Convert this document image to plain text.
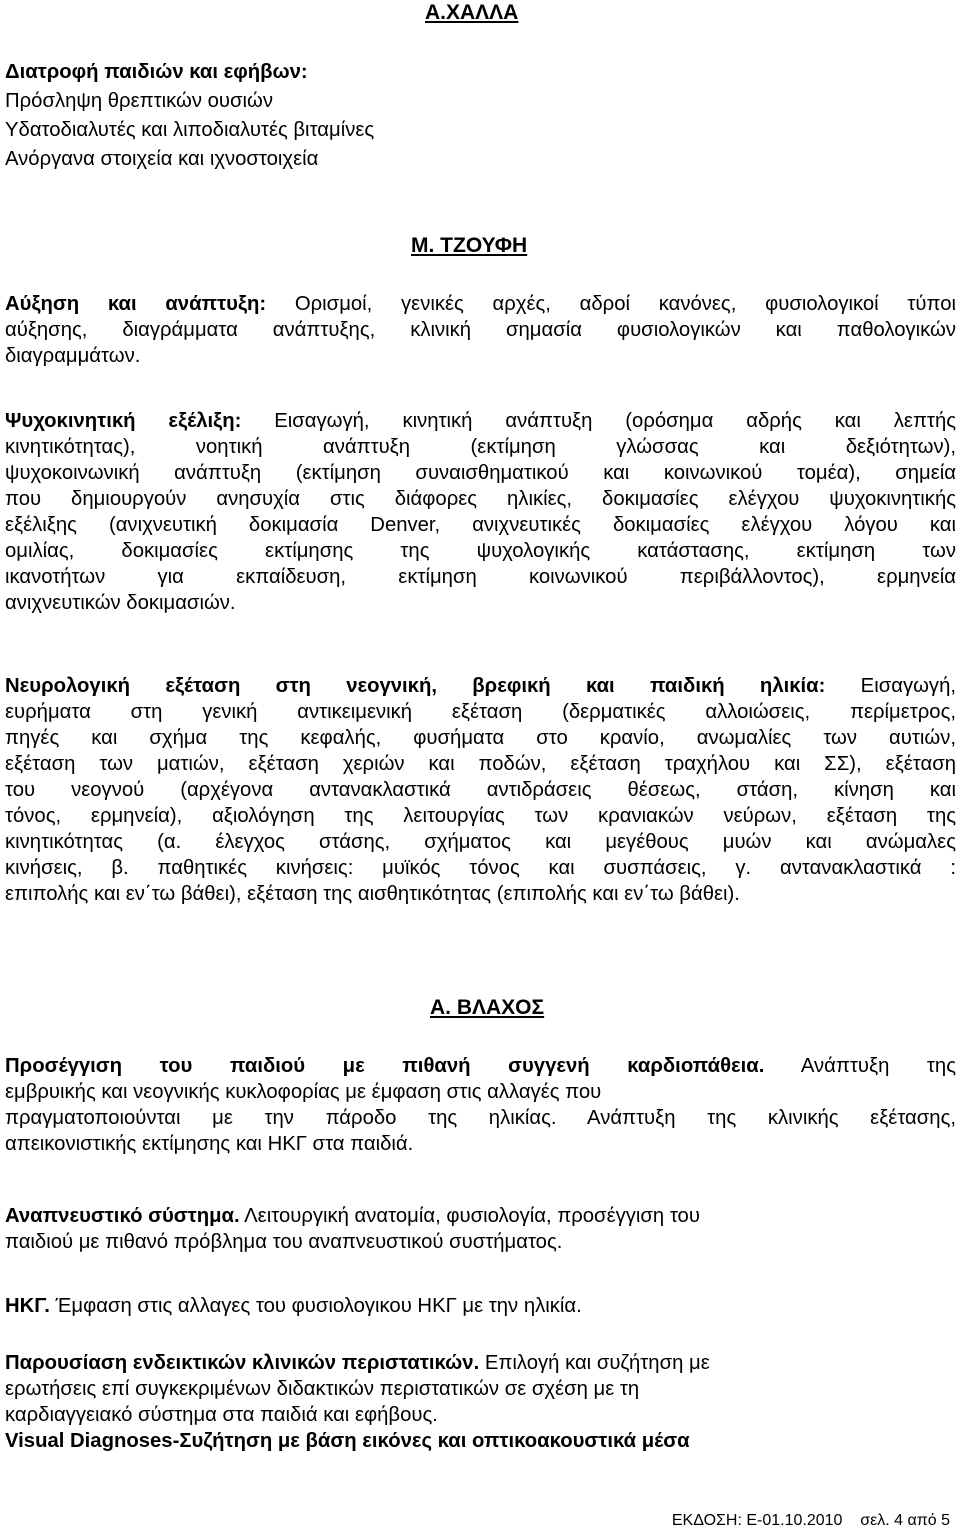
Α.ΧΑΛΛΑ
Διατροφή παιδιών και εφήβων:
Πρόσληψη θρεπτικών ουσιών
Υδατοδιαλυτές και λιποδιαλυτές βιταμίνες
Ανόργανα στοιχεία και ιχνοστοιχεία
Μ. ΤΖΟΥΦΗ
Αύξηση και ανάπτυξη: Ορισμοί, γενικές αρχές, αδροί κανόνες, φυσιολογικοί τύποι
αύξησης, διαγράμματα ανάπτυξης, κλινική σημασία φυσιολογικών και παθολογικών
διαγραμμάτων.
Ψυχοκινητική εξέλιξη: Εισαγωγή, κινητική ανάπτυξη (ορόσημα αδρής και λεπτής
κινητικότητας), νοητική ανάπτυξη (εκτίμηση γλώσσας και δεξιότητων),
ψυχοκοινωνική ανάπτυξη (εκτίμηση συναισθηματικού και κοινωνικού τομέα), σημεία
που δημιουργούν ανησυχία στις διάφορες ηλικίες, δοκιμασίες ελέγχου ψυχοκινητικής
εξέλιξης (ανιχνευτική δοκιμασία Denver, ανιχνευτικές δοκιμασίες ελέγχου λόγου και
ομιλίας, δοκιμασίες εκτίμησης της ψυχολογικής κατάστασης, εκτίμηση των
ικανοτήτων για εκπαίδευση, εκτίμηση κοινωνικού περιβάλλοντος), ερμηνεία
ανιχνευτικών δοκιμασιών.
Νευρολογική εξέταση στη νεογνική, βρεφική και παιδική ηλικία: Εισαγωγή,
ευρήματα στη γενική αντικειμενική εξέταση (δερματικές αλλοιώσεις, περίμετρος,
πηγές και σχήμα της κεφαλής, φυσήματα στο κρανίο, ανωμαλίες των αυτιών,
εξέταση των ματιών, εξέταση χεριών και ποδών, εξέταση τραχήλου και ΣΣ), εξέταση
του νεογνού (αρχέγονα αντανακλαστικά αντιδράσεις θέσεως, στάση, κίνηση και
τόνος, ερμηνεία), αξιολόγηση της λειτουργίας των κρανιακών νεύρων, εξέταση της
κινητικότητας (α. έλεγχος στάσης, σχήματος και μεγέθους μυών και ανώμαλες
κινήσεις, β. παθητικές κινήσεις: μυϊκός τόνος και συσπάσεις, γ. αντανακλαστικά :
επιπολής και εν΄τω βάθει), εξέταση της αισθητικότητας (επιπολής και εν΄τω βάθει).
Α. ΒΛΑΧΟΣ
Προσέγγιση του παιδιού με πιθανή συγγενή καρδιοπάθεια. Ανάπτυξη της
εμβρυικής και νεογνικής κυκλοφορίας με έμφαση στις αλλαγές που
πραγματοποιούνται με την πάροδο της ηλικίας. Ανάπτυξη της κλινικής εξέτασης,
απεικονιστικής εκτίμησης και ΗΚΓ στα παιδιά.
Αναπνευστικό σύστημα. Λειτουργική ανατομία, φυσιολογία, προσέγγιση του
παιδιού με πιθανό πρόβλημα του αναπνευστικού συστήματος.
ΗΚΓ. Έμφαση στις αλλαγες του φυσιολογικου ΗΚΓ με την ηλικία.
Παρουσίαση ενδεικτικών κλινικών περιστατικών. Επιλογή και συζήτηση με
ερωτήσεις επί συγκεκριμένων διδακτικών περιστατικών σε σχέση με τη
καρδιαγγειακό σύστημα στα παιδιά και εφήβους.
Visual Diagnoses-Συζήτηση με βάση εικόνες και οπτικοακουστικά μέσα
ΕΚΔΟΣΗ: Ε-01.10.2010 σελ. 4 από 5
